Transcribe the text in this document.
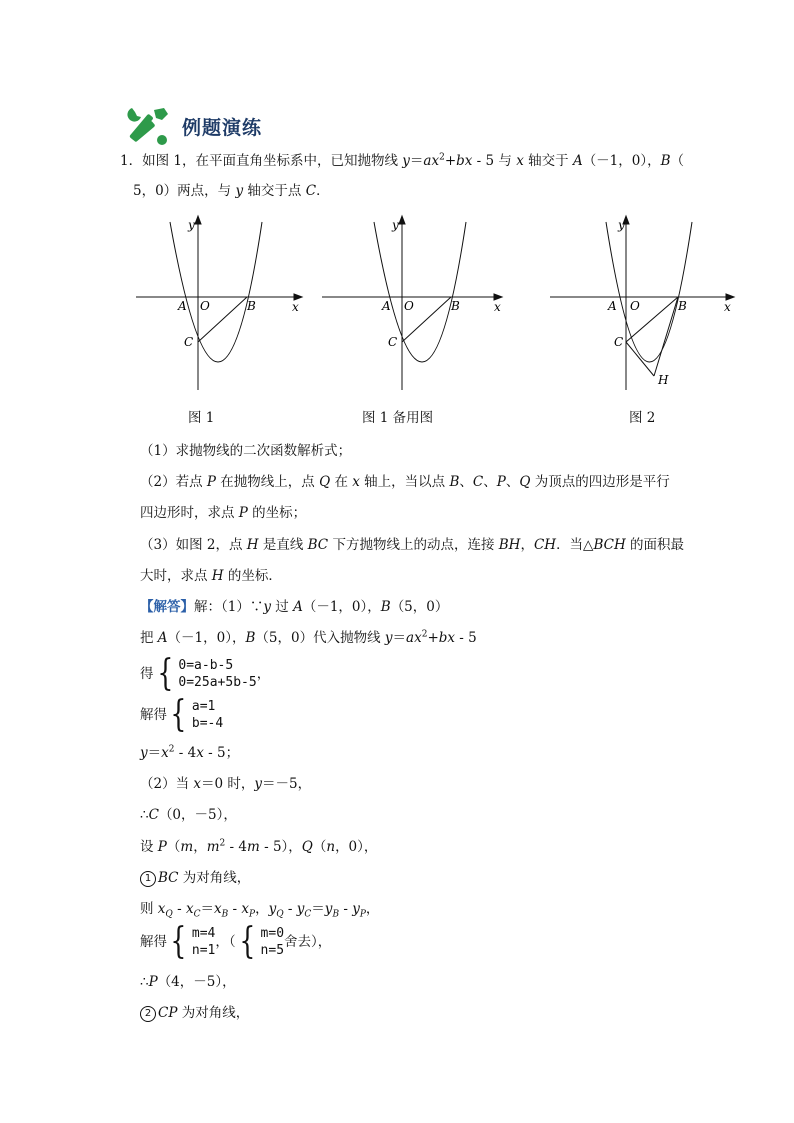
例题演练
1．如图 1，在平面直角坐标系中，已知抛物线 $y=ax^2+bx - 5$ 与 x 轴交于 A（－1，0），B（
5，0）两点，与 y 轴交于点 C．
y
x
A O	B
C
y
x
A O	B
C
y
x
A O	B
C
H
图 1	图 1 备用图	图 2
（1）求抛物线的二次函数解析式；
（2）若点 P 在抛物线上，点 Q 在 x 轴上，当以点 B、C、P、Q 为顶点的四边形是平行
四边形时，求点 P 的坐标；
（3）如图 2，点 H 是直线 BC 下方抛物线上的动点，连接 BH，CH．当△BCH 的面积最
大时，求点 H 的坐标．
【解答】解：（1）∵y 过 A（－1，0），B（5，0）
把 A（－1，0），B（5，0）代入抛物线 $y=ax^2+bx - 5$
得 { 0=a-b-5
0=25a+5b-5
，
解得 { a=1
b=-4
$y=x^2 - 4x - 5$；
（2）当 x＝0 时，y＝－5，
∴C（0，－5），
设 P（m，$m^2 - 4m - 5$），Q（n，0），
1 BC 为对角线，
则 $x_Q - x_C=x_B - x_P$，$y_Q - y_C=y_B - y_P$，
解得 { m=4
n=1
，（ { m=0
n=5
舍去 ），
∴P（4，－5），
2 CP 为对角线，
